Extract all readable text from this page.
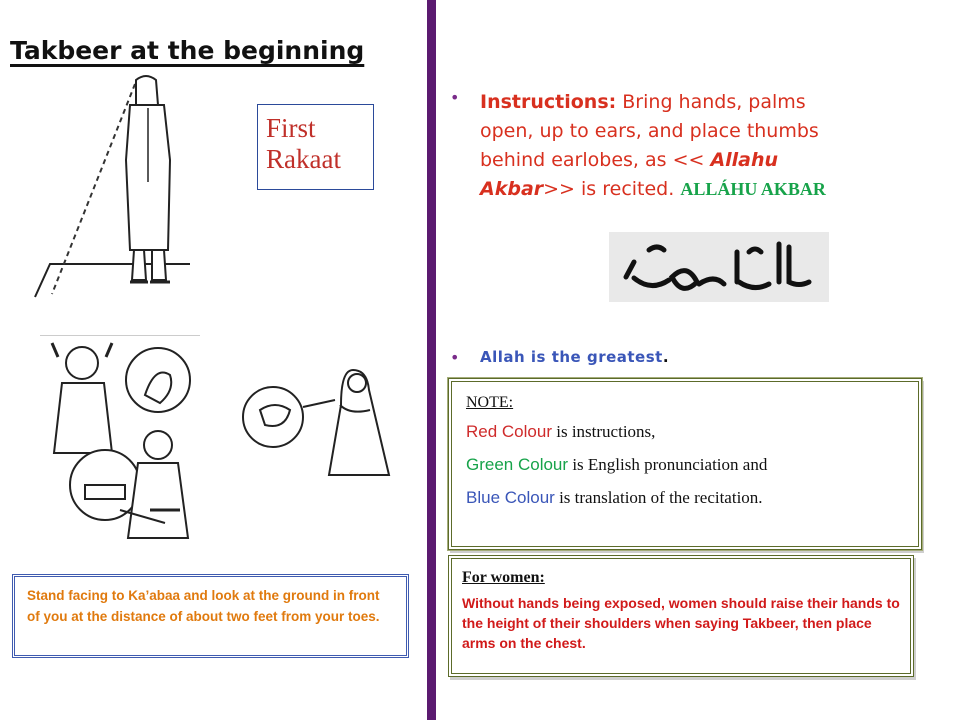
Takbeer at the beginning
First
Rakaat
•	Instructions: Bring hands, palms open, up to ears, and place thumbs behind earlobes, as << Allahu Akbar>> is recited. ALLÁHU AKBAR
•	Allah is the greatest.
NOTE:
Red Colour is instructions,
Green Colour is English pronunciation and
Blue Colour is translation of the recitation.
For women:
Without hands being exposed, women should raise their hands to the height of their shoulders when saying Takbeer, then place arms on the chest.
Stand facing to Ka’abaa and look at the ground in front of you at the distance of about two feet from your toes.
